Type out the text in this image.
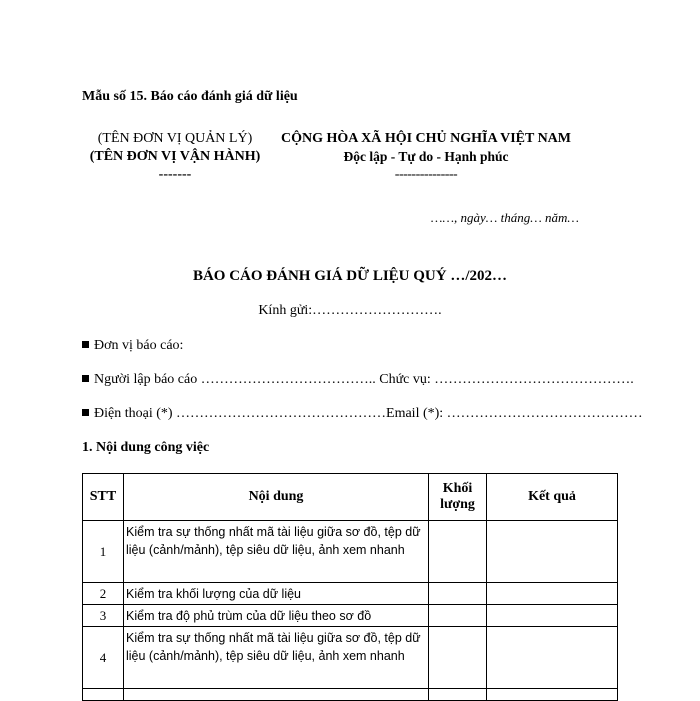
Mẫu số 15. Báo cáo đánh giá dữ liệu
(TÊN ĐƠN VỊ QUẢN LÝ)
(TÊN ĐƠN VỊ VẬN HÀNH)
-------
CỘNG HÒA XÃ HỘI CHỦ NGHĨA VIỆT NAM
Độc lập - Tự do - Hạnh phúc
---------------
……, ngày… tháng… năm…
BÁO CÁO ĐÁNH GIÁ DỮ LIỆU QUÝ …/202…
Kính gửi:……………………….
Đơn vị báo cáo:
Người lập báo cáo ……………………………….. Chức vụ: …………………………………….
Điện thoại (*) ………………………………………Email (*): ……………………………………
1. Nội dung công việc
STT	Nội dung	Khối lượng	Kết quả
1	Kiểm tra sự thống nhất mã tài liệu giữa sơ đồ, tệp dữ liệu (cảnh/mảnh), tệp siêu dữ liệu, ảnh xem nhanh		
2	Kiểm tra khối lượng của dữ liệu		
3	Kiểm tra độ phủ trùm của dữ liệu theo sơ đồ		
4	Kiểm tra sự thống nhất mã tài liệu giữa sơ đồ, tệp dữ liệu (cảnh/mảnh), tệp siêu dữ liệu, ảnh xem nhanh		
